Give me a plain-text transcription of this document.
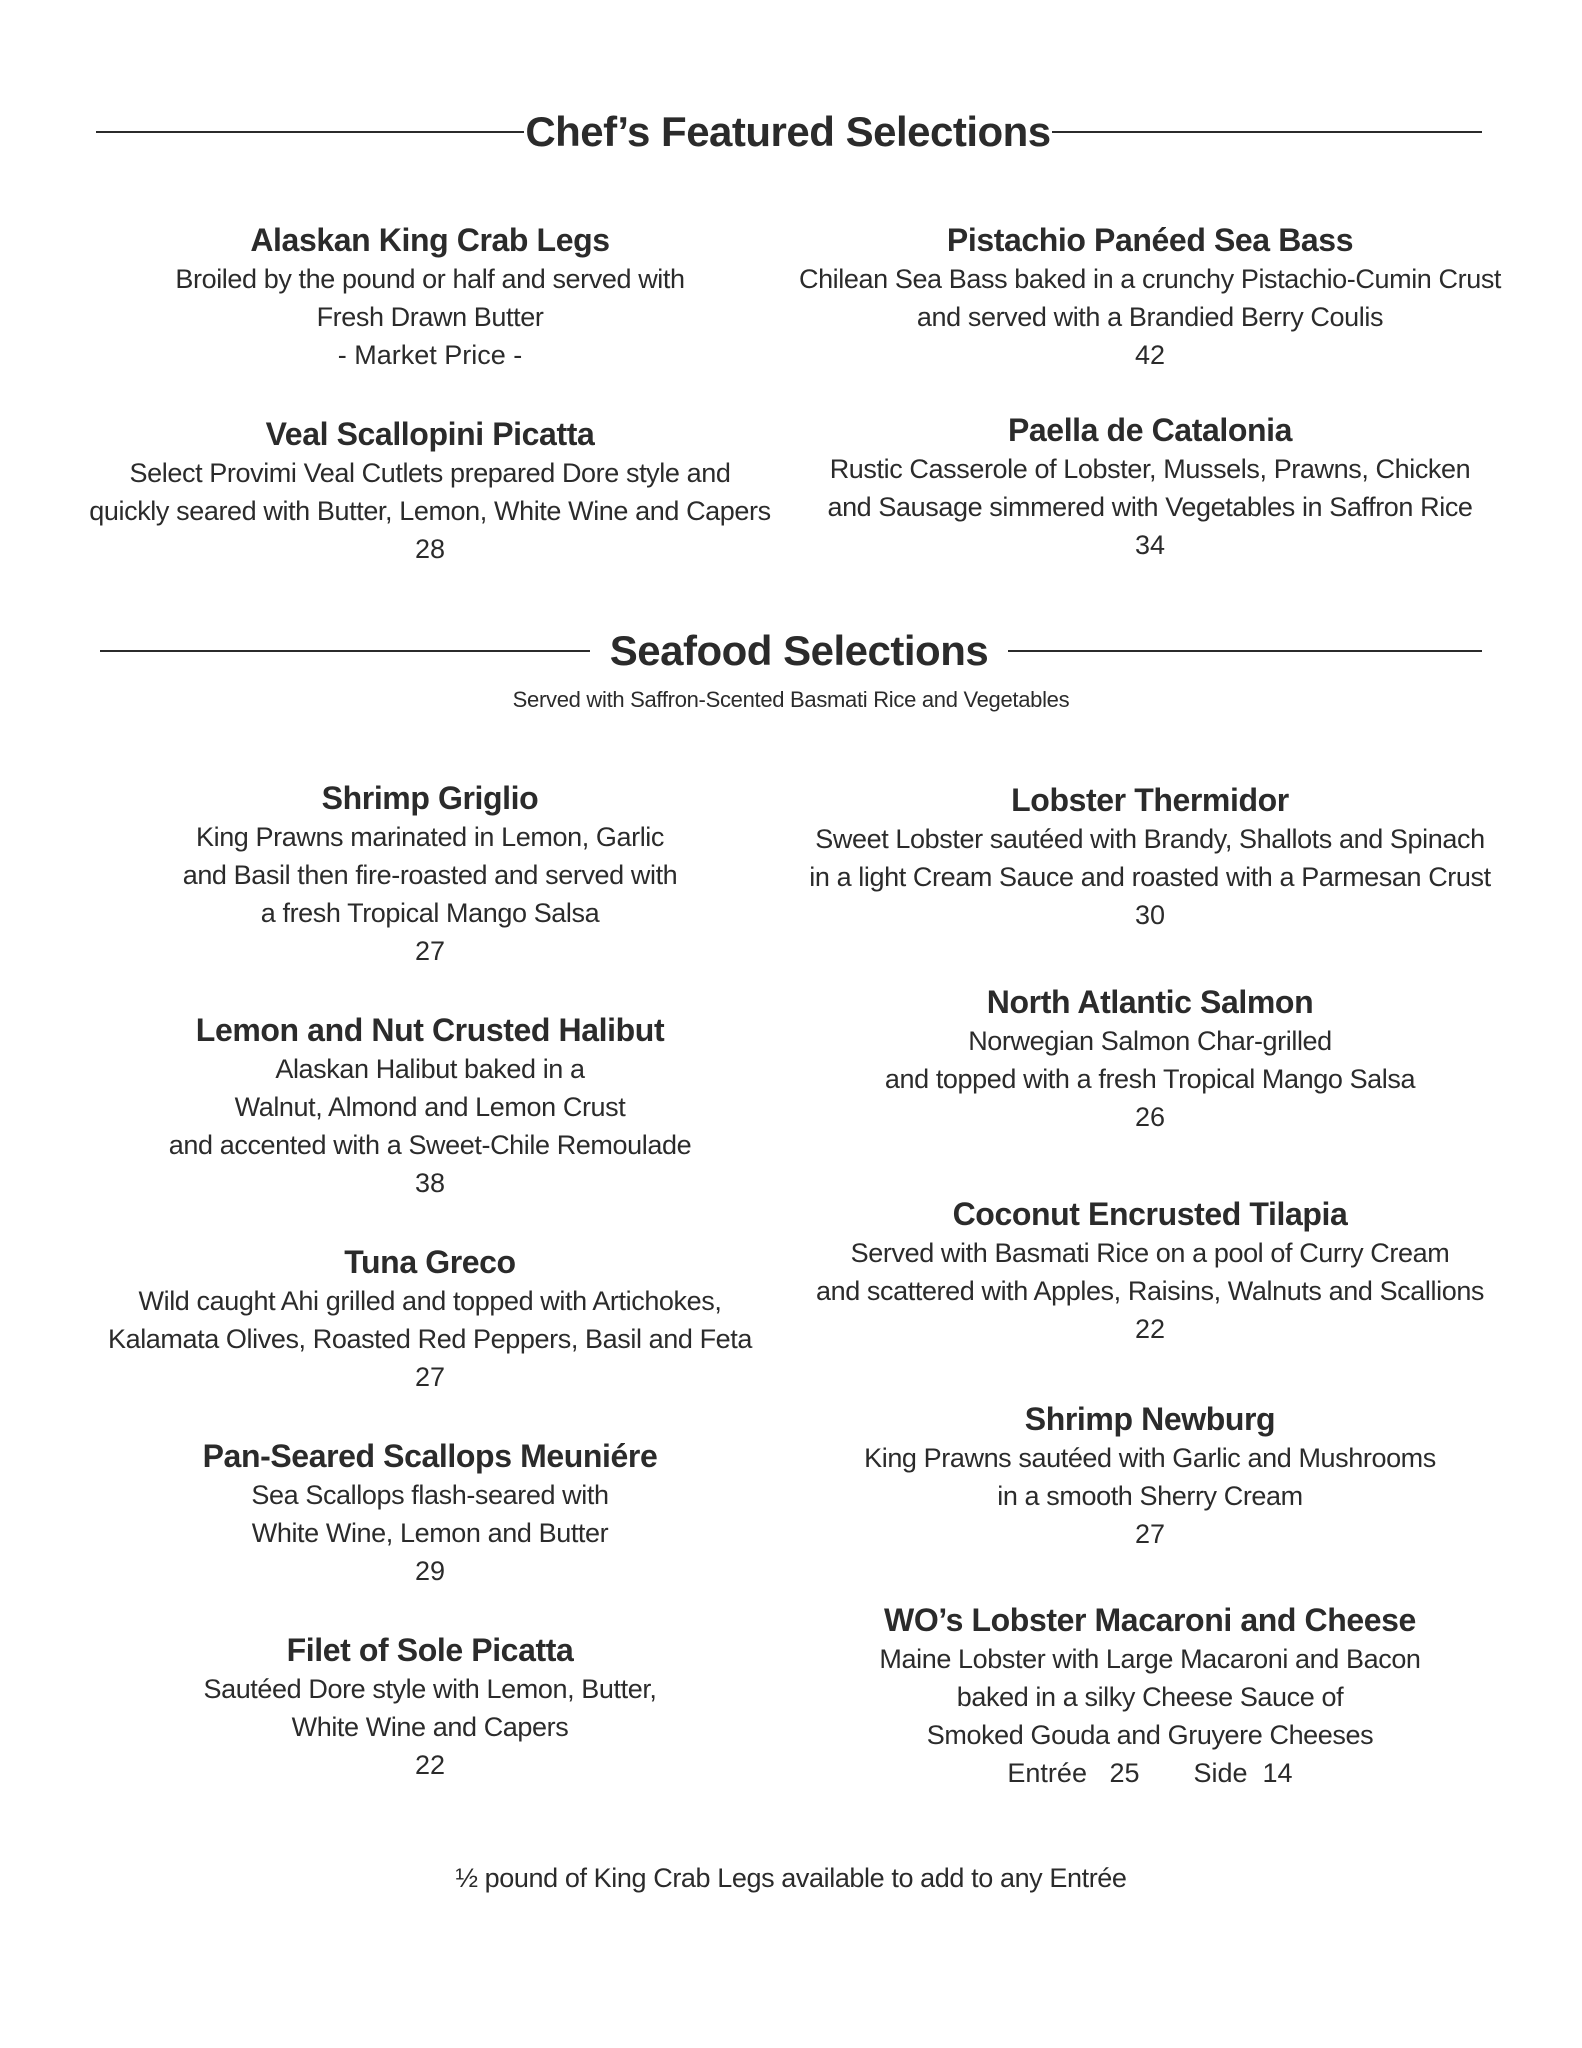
Chef’s Featured Selections
Alaskan King Crab Legs
Broiled by the pound or half and served with
Fresh Drawn Butter
- Market Price -
Veal Scallopini Picatta
Select Provimi Veal Cutlets prepared Dore style and
quickly seared with Butter, Lemon, White Wine and Capers
28
Pistachio Panéed Sea Bass
Chilean Sea Bass baked in a crunchy Pistachio-Cumin Crust
and served with a Brandied Berry Coulis
42
Paella de Catalonia
Rustic Casserole of Lobster, Mussels, Prawns, Chicken
and Sausage simmered with Vegetables in Saffron Rice
34
Seafood Selections
Served with Saffron-Scented Basmati Rice and Vegetables
Shrimp Griglio
King Prawns marinated in Lemon, Garlic
and Basil then fire-roasted and served with
a fresh Tropical Mango Salsa
27
Lemon and Nut Crusted Halibut
Alaskan Halibut baked in a
Walnut, Almond and Lemon Crust
and accented with a Sweet-Chile Remoulade
38
Tuna Greco
Wild caught Ahi grilled and topped with Artichokes,
Kalamata Olives, Roasted Red Peppers, Basil and Feta
27
Pan-Seared Scallops Meuniére
Sea Scallops flash-seared with
White Wine, Lemon and Butter
29
Filet of Sole Picatta
Sautéed Dore style with Lemon, Butter,
White Wine and Capers
22
Lobster Thermidor
Sweet Lobster sautéed with Brandy, Shallots and Spinach
in a light Cream Sauce and roasted with a Parmesan Crust
30
North Atlantic Salmon
Norwegian Salmon Char-grilled
and topped with a fresh Tropical Mango Salsa
26
Coconut Encrusted Tilapia
Served with Basmati Rice on a pool of Curry Cream
and scattered with Apples, Raisins, Walnuts and Scallions
22
Shrimp Newburg
King Prawns sautéed with Garlic and Mushrooms
in a smooth Sherry Cream
27
WO’s Lobster Macaroni and Cheese
Maine Lobster with Large Macaroni and Bacon
baked in a silky Cheese Sauce of
Smoked Gouda and Gruyere Cheeses
Entrée   25 Side  14
½ pound of King Crab Legs available to add to any Entrée
